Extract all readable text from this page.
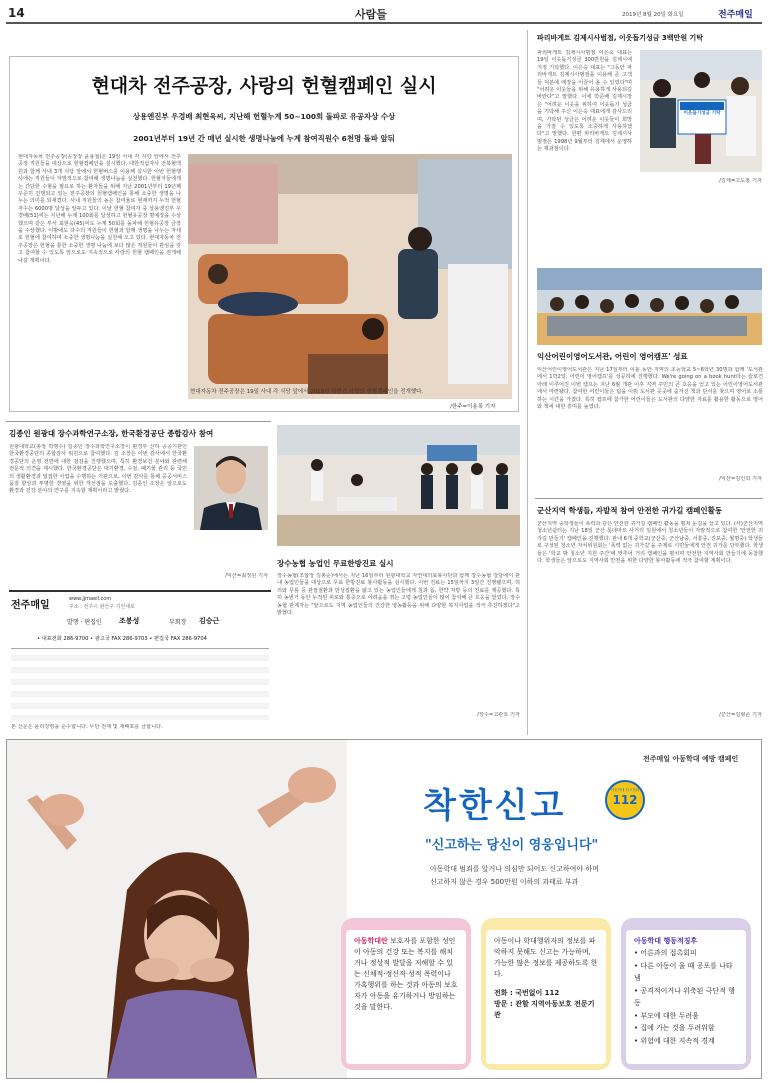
14	사람들	2019년 8월 20일 화요일	전주매일
현대차 전주공장, 사랑의 헌혈캠페인 실시
상용엔진부 우경배 최현욱씨, 지난해 헌혈누계 50~100회 돌파로 유공자상 수상
2001년부터 19년 간 매년 실시한 생명나눔에 누계 참여직원수 6천명 돌파 앞둬
현대자동차 전주공장(공장장 윤용철)은 19일 사내 각 식당 앞에서 전주공장 직원들을 대상으로 헌혈캠페인을 실시했다. 대한적십자사 전북혈액원과 함께 사내 3개 식당 앞에서 헌혈버스를 이용해 실시한 이번 헌혈행사에는 직원들이 자발적으로 참여해 생명나눔을 실천했다. 헌혈자들에게는 간단한 수혈을 필요로 하는 환자들을 위해 지난 2001년부터 19년째 꾸준히 진행되고 있는 전주공장의 헌혈캠페인을 통해 소중한 생명을 나누는 의미를 되새겼다. 사내 직원들의 높은 참여율로 현재까지 누적 헌혈자수는 6000명 달성을 앞두고 있다. 이날 헌혈 참여자 중 상용엔진부 우경배(51)씨는 지난해 누계 100회를 달성하고 헌혈유공장 명예장을 수상했으며 같은 부서 최현욱(45)씨도 누계 50회를 돌파해 헌혈유공장 금장을 수상했다. 이밖에도 다수의 직원들이 헌혈과 함께 생명을 나누는 자세로 헌혈에 참여하며 소중한 생명나눔을 실천해 오고 있다. 현대자동차 전주공장은 헌혈을 통한 소중한 생명 나눔에 보다 많은 직원들이 관심을 갖고 참여할 수 있도록 앞으로도 지속적으로 사랑의 헌혈 캠페인을 전개해 나갈 계획이다.
현대자동차 전주공장은 19일 사내 각 식당 앞에서 2019년 하반기 사랑의 헌혈캠페인을 전개했다.
/한주=이용록 기자
파리바게트 김제시사범점, 이웃돕기성금 3백만원 기탁
파리바게트 김제시사범점 이은숙 대표는 19일 이웃돕기성금 300만원을 김제시에 지정 기탁했다. 이은숙 대표는 "그동안 파리바게트 김제시사범점을 이용해 준 고객들 덕분에 매장을 이끌어 올 수 있었다"며 "어려운 이웃들을 위해 유용하게 사용되길 바란다"고 말했다. 이에 박준배 김제시장은 "어려운 이웃을 위하여 이웃돕기 성금을 기탁해 주신 이은숙 대표에게 감사드리며, 기탁된 성금은 어려운 이웃들이 희망을 가질 수 있도록 소중하게 사용하겠다"고 말했다. 한편 파리바게트 김제시사범점은 1998년 9월부터 김제에서 운영하는 제과점이다.
이웃돕기성금 기탁
/김제=고도홍 기자
익산어린이영어도서관, 어린이 영어캠프' 성료
익산어린이영어도서관은 지난 17일부터 이틀 동안 지역의 초등학교 5~6학년 30명과 함께 '도서관에서 1박2일, 어린이 영어캠프'를 성공리에 진행했다. We're going on a book hunt라는 슬로건 아래 이루어진 이번 캠프는 지난 6월 개관 이후 지역 주민의 큰 호응을 얻고 있는 어린이영어도서관에서 마련됐다. 참여한 어린이들은 팀을 이뤄 도서관 곳곳에 숨겨진 책과 단서를 찾으며 영어로 소통하는 시간을 가졌다. 특히 캠프에 참가한 어린이들은 도서관의 다양한 자료를 활용한 활동으로 영어와 책에 대한 흥미를 높였다.
/익산=김인희 기자
군산지역 학생들, 자발적 참여 안전한 귀가길 캠페인활동
군산지역 중학생들이 폭력과 같은 안전한 귀가길 캠페인 활동을 펼쳐 눈길을 끌고 있다. (사)군산지역청소년쉼터는 지난 18일 군산 롯데마트 사거리 일원에서 청소년들이 자발적으로 참여한 '안전한 귀가길 만들기' 캠페인을 진행했다. 관내 6개 중학교(군산중, 군산남중, 서흥중, 진포중, 월명중) 학생들로 구성된 청소년 자치위원회는 '폭력 없는 귀가길'을 주제로 시민들에게 안전 귀가를 당부했다. 학생들은 '학교 밖 청소년 지원 주간'에 맞추어 거리 캠페인을 펼치며 안전한 지역사회 만들기에 동참했다. 학생들은 앞으로도 지역사회 안전을 위한 다양한 봉사활동에 적극 참여할 계획이다.
/군산=김형준 기자
김종인 원광대 장수과학연구소장, 한국환경공단 종합감사 참여
원광대학교(총장 박맹수) 김종인 장수과학연구소장이 환경부 산하 공공기관인 한국환경공단의 종합감사 위원으로 참여했다. 김 소장은 이번 감사에서 한국환경공단의 운영 전반에 대한 점검을 진행했으며, 특히 환경보건 분야와 관련해 전문적 의견을 제시했다. 한국환경공단은 대기환경, 수질, 폐기물 관리 등 국민의 생활환경과 밀접한 사업을 수행하는 기관으로, 이번 감사를 통해 공공서비스 품질 향상과 투명한 경영을 위한 개선점을 도출했다. 김종인 소장은 앞으로도 환경과 건강 분야의 연구를 지속할 계획이라고 밝혔다.
/익산=최정원 기자
전주매일
www.jjmaeil.com
주소 : 전주시 완산구 기린대로
발행 · 편집인 조봉성	부회장 김승근
• 대표전화 286-9700 • 광고국 FAX 286-9703 • 편집국 FAX 286-9704
본 신문은 윤리강령을 준수합니다. 무단 전재 및 재배포를 금합니다.
장수농협 농업인 무료한방진료 실시
장수농협(조합장 김봉준)에서는 지난 16일부터 원광대학교 자연대의료봉사단과 함께 장수농협 강당에서 관내 농업인들을 대상으로 무료 한방진료 봉사활동을 실시했다. 이번 진료는 15일까지 3일간 진행됐으며, 허리와 무릎 등 관절질환과 만성질환을 앓고 있는 농업인들에게 침과 뜸, 한약 처방 등의 진료를 제공했다. 특히 농번기 동안 누적된 피로와 통증으로 어려움을 겪는 고령 농업인들이 많이 참여해 큰 호응을 얻었다. 장수농협 관계자는 "앞으로도 지역 농업인들의 건강한 영농활동을 위해 다양한 복지사업을 적극 추진하겠다"고 밝혔다.
/장수=고관호 기자
전주매일 아동학대 예방 캠페인
착한신고	아동학대 신고전화
112
"신고하는 당신이 영웅입니다"
아동학대 범죄를 알거나 의심만 되어도 신고하여야 하며
신고하지 않은 경우 500만원 이하의 과태료 부과
아동학대란 보호자를 포함한 성인이 아동의 건강 또는 복지를 해치거나 정상적 발달을 저해할 수 있는 신체적·정신적·성적 폭력이나 가혹행위를 하는 것과 아동의 보호자가 아동을 유기하거나 방임하는 것을 말한다.
아동이나 학대행위자의 정보를 파악하지 못해도 신고는 가능하며, 가능한 많은 정보를 제공하도록 한다.
전화 : 국번없이 112
방문 : 관할 지역아동보호 전문기관
아동학대 행동적징후
• 어른과의 접촉회피
• 다른 아동이 울 때 공포를 나타냄
• 공격적이거나 위축된 극단적 행동
• 부모에 대한 두려움
• 집에 가는 것을 두려워함
• 위험에 대한 지속적 경계
